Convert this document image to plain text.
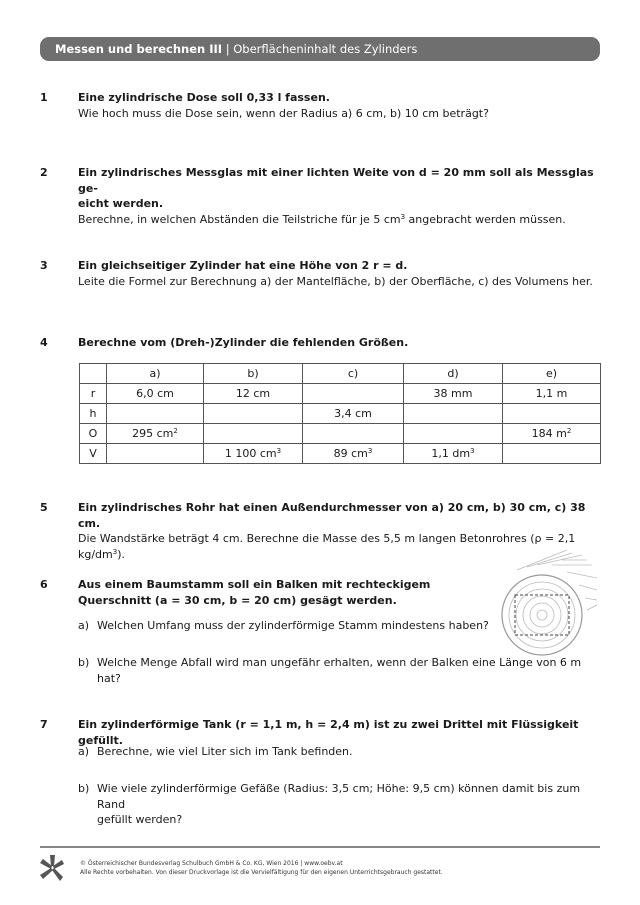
Messen und berechnen III | Oberflächeninhalt des Zylinders
1	Eine zylindrische Dose soll 0,33 l fassen.
Wie hoch muss die Dose sein, wenn der Radius a) 6 cm, b) 10 cm beträgt?
2	Ein zylindrisches Messglas mit einer lichten Weite von d = 20 mm soll als Messglas ge-
eicht werden.
Berechne, in welchen Abständen die Teilstriche für je 5 $cm^3$ angebracht werden müssen.
3	Ein gleichseitiger Zylinder hat eine Höhe von 2 r = d.
Leite die Formel zur Berechnung a) der Mantelfläche, b) der Oberfläche, c) des Volumens her.
4	Berechne vom (Dreh-)Zylinder die fehlenden Größen.
	a)	b)	c)	d)	e)
r	6,0 cm	12 cm		38 mm	1,1 m
h			3,4 cm		
O	295 $cm^2$				184 $m^2$
V		1 100 $cm^3$	89 $cm^3$	1,1 $dm^3$	
5	Ein zylindrisches Rohr hat einen Außendurchmesser von a) 20 cm, b) 30 cm, c) 38 cm.
Die Wandstärke beträgt 4 cm. Berechne die Masse des 5,5 m langen Betonrohres (ρ = 2,1 $kg/dm^3$).
6	Aus einem Baumstamm soll ein Balken mit rechteckigem
Querschnitt (a = 30 cm, b = 20 cm) gesägt werden.
a) Welchen Umfang muss der zylinderförmige Stamm mindestens haben?
b) Welche Menge Abfall wird man ungefähr erhalten, wenn der Balken eine Länge von 6 m hat?
7	Ein zylinderförmige Tank (r = 1,1 m, h = 2,4 m) ist zu zwei Drittel mit Flüssigkeit gefüllt.
a) Berechne, wie viel Liter sich im Tank befinden.
b) Wie viele zylinderförmige Gefäße (Radius: 3,5 cm; Höhe: 9,5 cm) können damit bis zum Rand
gefüllt werden?
© Österreichischer Bundesverlag Schulbuch GmbH & Co. KG, Wien 2016 | www.oebv.at
Alle Rechte vorbehalten. Von dieser Druckvorlage ist die Vervielfältigung für den eigenen Unterrichtsgebrauch gestattet.
